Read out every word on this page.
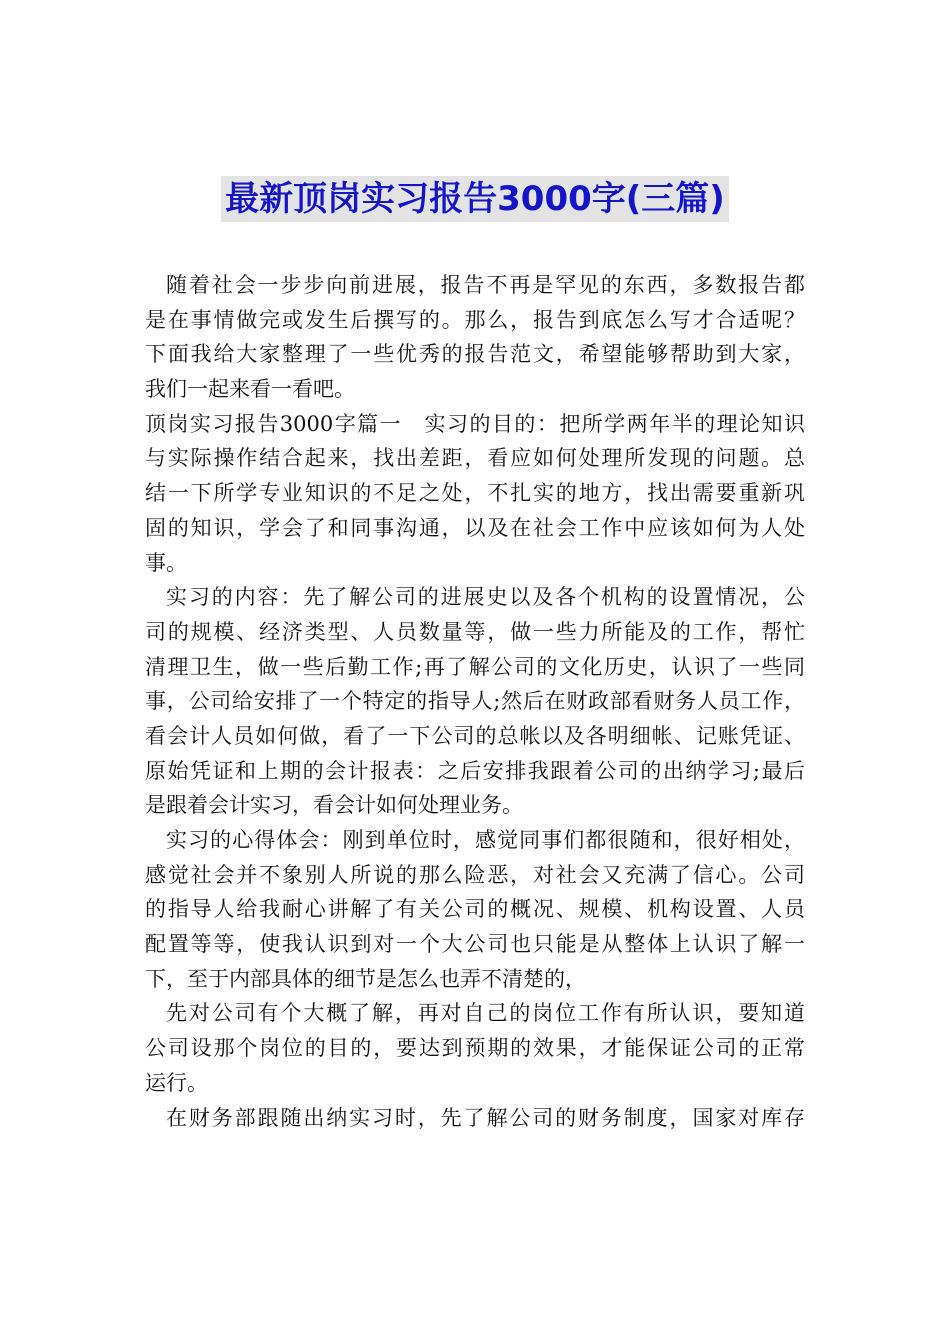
最新顶岗实习报告3000字(三篇)
随着社会一步步向前进展，报告不再是罕见的东西，多数报告都
是在事情做完或发生后撰写的。那么，报告到底怎么写才合适呢？
下面我给大家整理了一些优秀的报告范文，希望能够帮助到大家，
我们一起来看一看吧。
顶岗实习报告3000字篇一　实习的目的：把所学两年半的理论知识
与实际操作结合起来，找出差距，看应如何处理所发现的问题。总
结一下所学专业知识的不足之处，不扎实的地方，找出需要重新巩
固的知识，学会了和同事沟通，以及在社会工作中应该如何为人处
事。
实习的内容：先了解公司的进展史以及各个机构的设置情况，公
司的规模、经济类型、人员数量等，做一些力所能及的工作，帮忙
清理卫生，做一些后勤工作;再了解公司的文化历史，认识了一些同
事，公司给安排了一个特定的指导人;然后在财政部看财务人员工作，
看会计人员如何做，看了一下公司的总帐以及各明细帐、记账凭证、
原始凭证和上期的会计报表：之后安排我跟着公司的出纳学习;最后
是跟着会计实习，看会计如何处理业务。
实习的心得体会：刚到单位时，感觉同事们都很随和，很好相处，
感觉社会并不象别人所说的那么险恶，对社会又充满了信心。公司
的指导人给我耐心讲解了有关公司的概况、规模、机构设置、人员
配置等等，使我认识到对一个大公司也只能是从整体上认识了解一
下，至于内部具体的细节是怎么也弄不清楚的，
先对公司有个大概了解，再对自己的岗位工作有所认识，要知道
公司设那个岗位的目的，要达到预期的效果，才能保证公司的正常
运行。
在财务部跟随出纳实习时，先了解公司的财务制度，国家对库存
